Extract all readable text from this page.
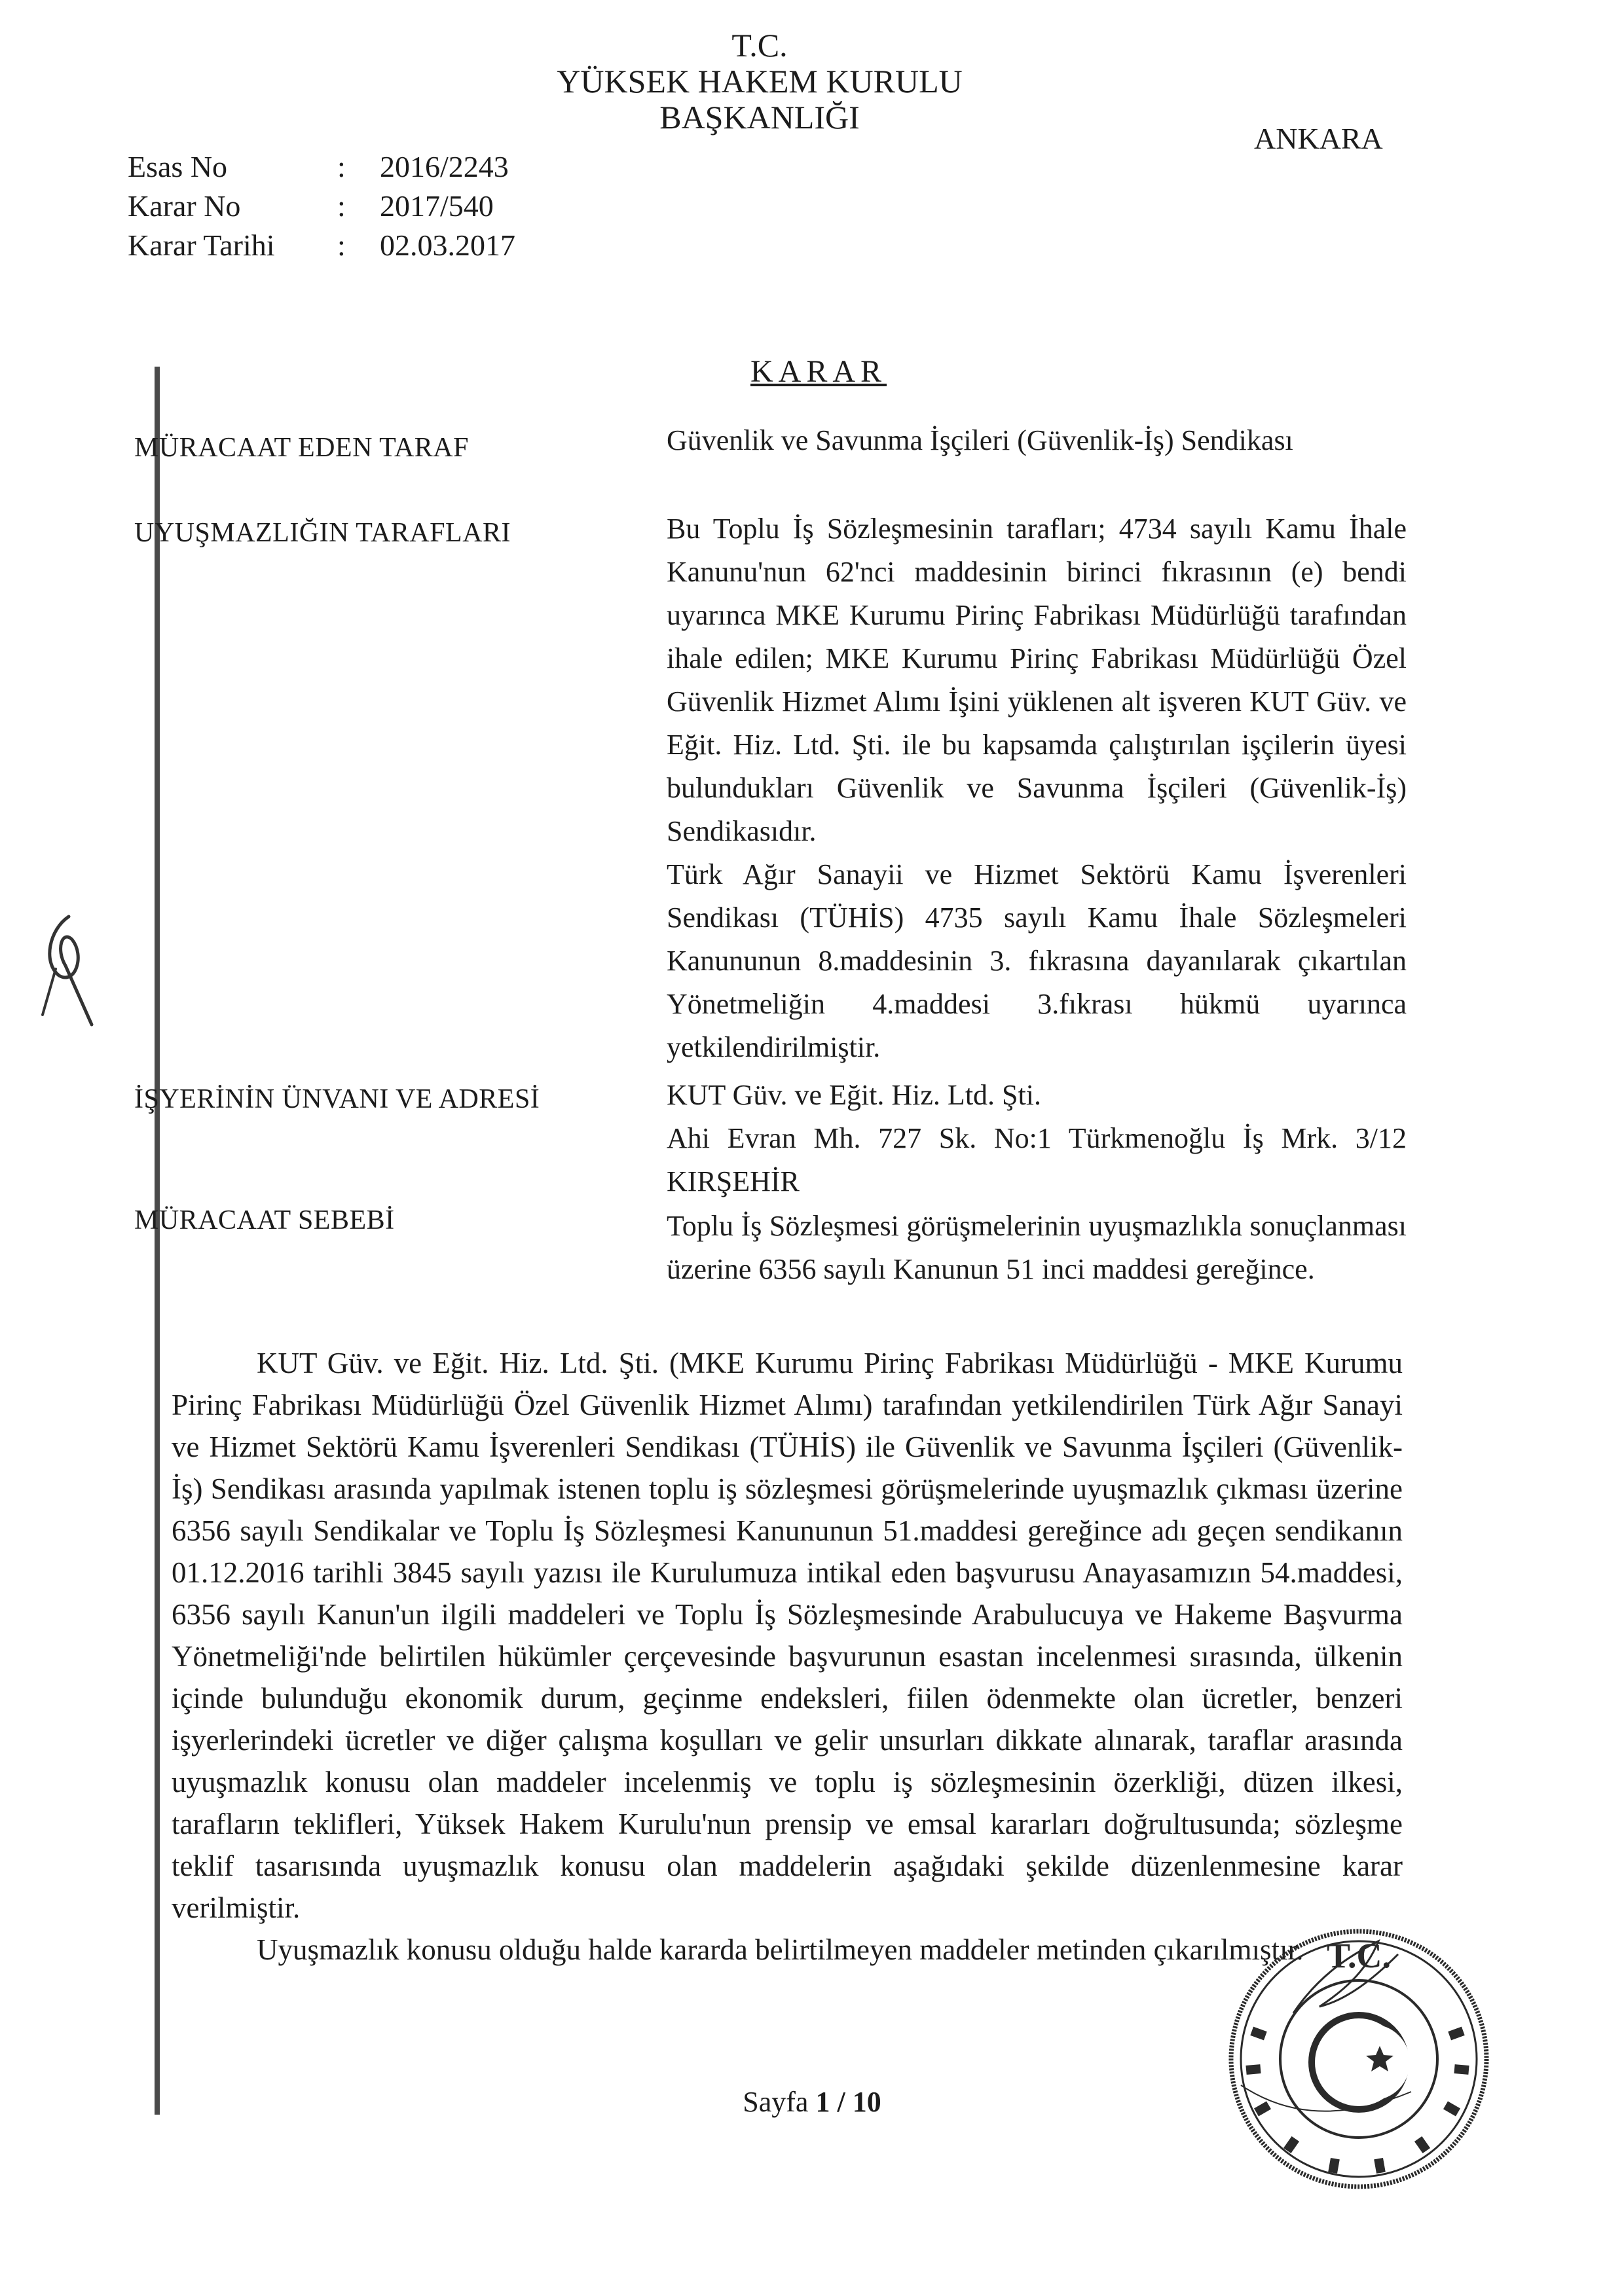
T.C.
YÜKSEK HAKEM KURULU
BAŞKANLIĞI
ANKARA
Esas No	: 2016/2243
Karar No	: 2017/540
Karar Tarihi : 02.03.2017
KARAR
MÜRACAAT EDEN TARAF	Güvenlik ve Savunma İşçileri (Güvenlik-İş) Sendikası

UYUŞMAZLIĞIN TARAFLARI	Bu Toplu İş Sözleşmesinin tarafları; 4734 sayılı Kamu İhale Kanunu'nun 62'nci maddesinin birinci fıkrasının (e) bendi uyarınca MKE Kurumu Pirinç Fabrikası Müdürlüğü tarafından ihale edilen; MKE Kurumu Pirinç Fabrikası Müdürlüğü Özel Güvenlik Hizmet Alımı İşini yüklenen alt işveren KUT Güv. ve Eğit. Hiz. Ltd. Şti. ile bu kapsamda çalıştırılan işçilerin üyesi bulundukları Güvenlik ve Savunma İşçileri (Güvenlik-İş) Sendikasıdır.

Türk Ağır Sanayii ve Hizmet Sektörü Kamu İşverenleri Sendikası (TÜHİS) 4735 sayılı Kamu İhale Sözleşmeleri Kanununun 8.maddesinin 3. fıkrasına dayanılarak çıkartılan Yönetmeliğin 4.maddesi 3.fıkrası hükmü uyarınca yetkilendirilmiştir.

İŞYERİNİN ÜNVANI VE ADRESİ	KUT Güv. ve Eğit. Hiz. Ltd. Şti.

Ahi Evran Mh. 727 Sk. No:1 Türkmenoğlu İş Mrk. 3/12 KIRŞEHİR

MÜRACAAT SEBEBİ	Toplu İş Sözleşmesi görüşmelerinin uyuşmazlıkla sonuçlanması üzerine 6356 sayılı Kanunun 51 inci maddesi gereğince.

KUT Güv. ve Eğit. Hiz. Ltd. Şti. (MKE Kurumu Pirinç Fabrikası Müdürlüğü - MKE Kurumu Pirinç Fabrikası Müdürlüğü Özel Güvenlik Hizmet Alımı) tarafından yetkilendirilen Türk Ağır Sanayi ve Hizmet Sektörü Kamu İşverenleri Sendikası (TÜHİS) ile Güvenlik ve Savunma İşçileri (Güvenlik-İş) Sendikası arasında yapılmak istenen toplu iş sözleşmesi görüşmelerinde uyuşmazlık çıkması üzerine 6356 sayılı Sendikalar ve Toplu İş Sözleşmesi Kanununun 51.maddesi gereğince adı geçen sendikanın 01.12.2016 tarihli 3845 sayılı yazısı ile Kurulumuza intikal eden başvurusu Anayasamızın 54.maddesi, 6356 sayılı Kanun'un ilgili maddeleri ve Toplu İş Sözleşmesinde Arabulucuya ve Hakeme Başvurma Yönetmeliği'nde belirtilen hükümler çerçevesinde başvurunun esastan incelenmesi sırasında, ülkenin içinde bulunduğu ekonomik durum, geçinme endeksleri, fiilen ödenmekte olan ücretler, benzeri işyerlerindeki ücretler ve diğer çalışma koşulları ve gelir unsurları dikkate alınarak, taraflar arasında uyuşmazlık konusu olan maddeler incelenmiş ve toplu iş sözleşmesinin özerkliği, düzen ilkesi, tarafların teklifleri, Yüksek Hakem Kurulu'nun prensip ve emsal kararları doğrultusunda; sözleşme teklif tasarısında uyuşmazlık konusu olan maddelerin aşağıdaki şekilde düzenlenmesine karar verilmiştir.

Uyuşmazlık konusu olduğu halde kararda belirtilmeyen maddeler metinden çıkarılmıştır.

Sayfa 1 / 10
T.C.
